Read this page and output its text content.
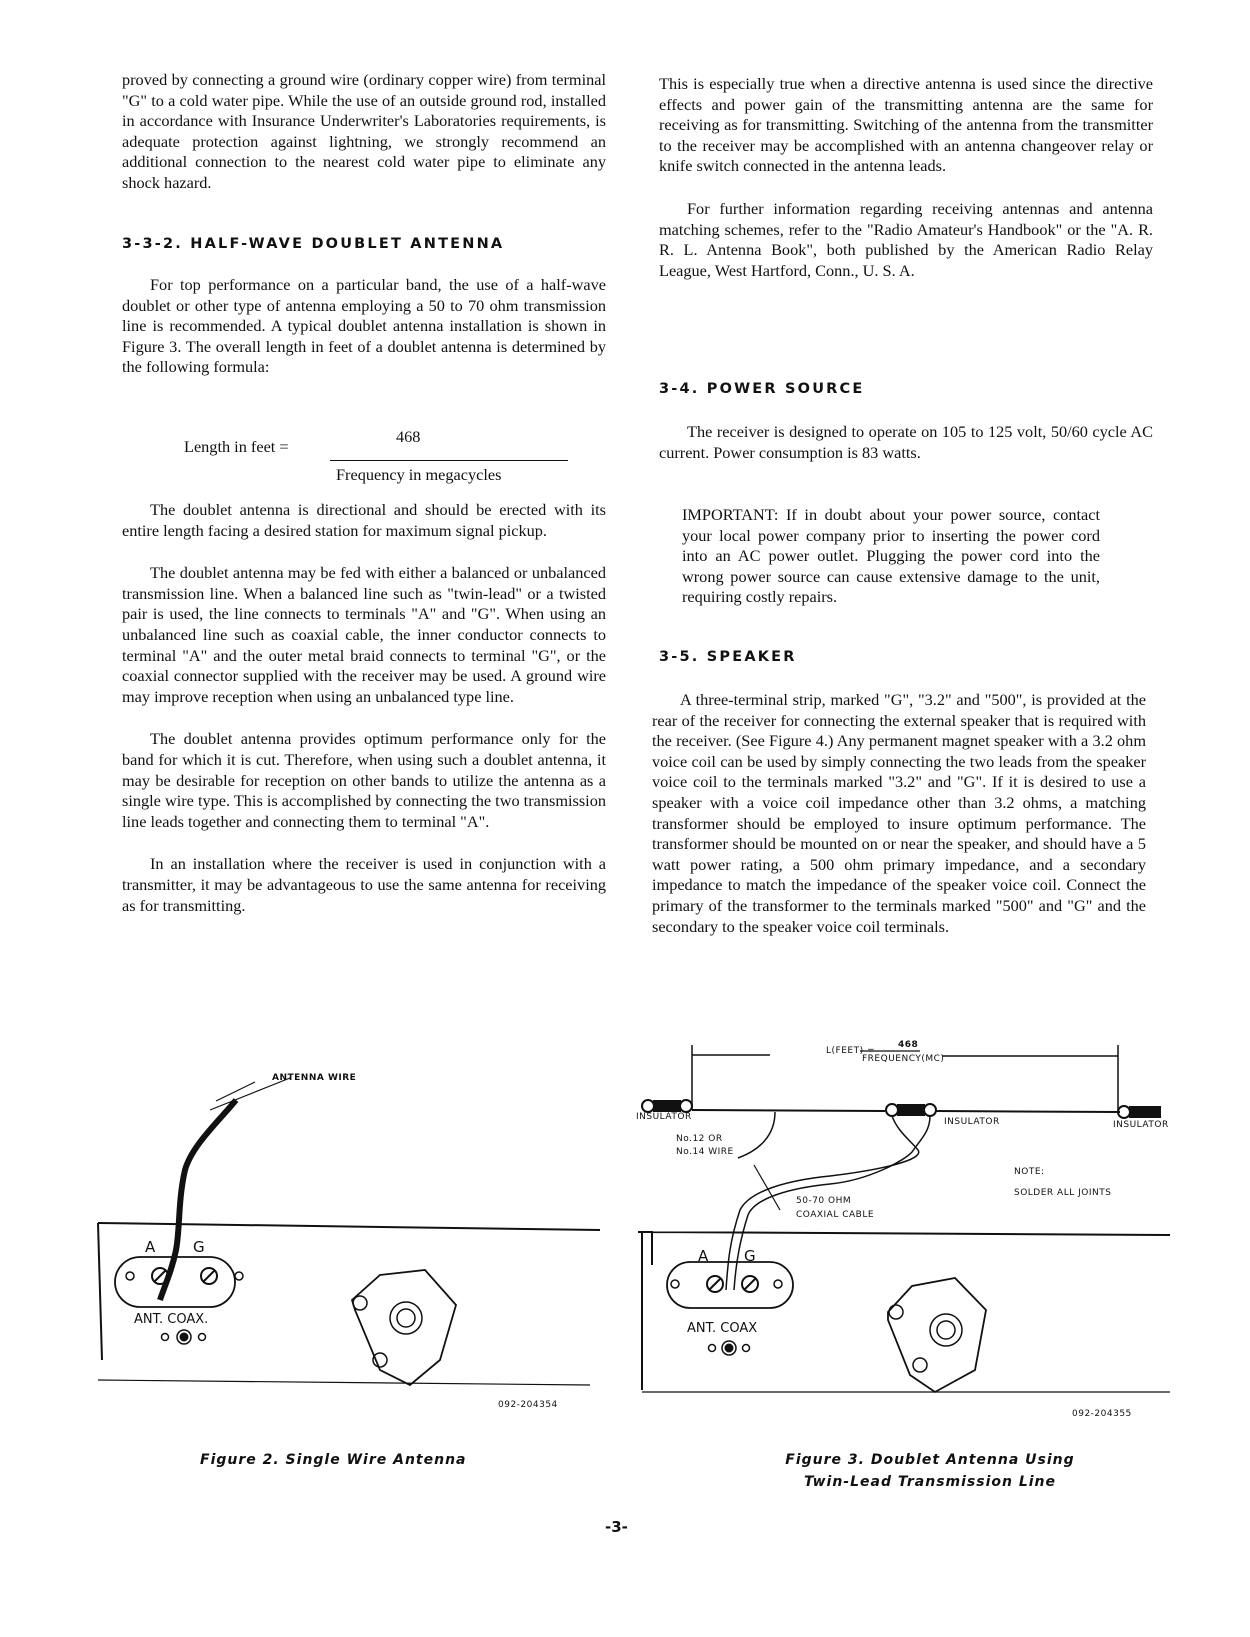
proved by connecting a ground wire (ordinary copper wire) from terminal "G" to a cold water pipe. While the use of an outside ground rod, installed in accordance with Insurance Underwriter's Laboratories requirements, is adequate protection against lightning, we strongly recommend an additional connection to the nearest cold water pipe to eliminate any shock hazard.

3-3-2. HALF-WAVE DOUBLET ANTENNA

For top performance on a particular band, the use of a half-wave doublet or other type of antenna employing a 50 to 70 ohm transmission line is recommended. A typical doublet antenna installation is shown in Figure 3. The overall length in feet of a doublet antenna is determined by the following formula:

Length in feet =
468
Frequency in megacycles

The doublet antenna is directional and should be erected with its entire length facing a desired station for maximum signal pickup.

The doublet antenna may be fed with either a balanced or unbalanced transmission line. When a balanced line such as "twin-lead" or a twisted pair is used, the line connects to terminals "A" and "G". When using an unbalanced line such as coaxial cable, the inner conductor connects to terminal "A" and the outer metal braid connects to terminal "G", or the coaxial connector supplied with the receiver may be used. A ground wire may improve reception when using an unbalanced type line.

The doublet antenna provides optimum performance only for the band for which it is cut. Therefore, when using such a doublet antenna, it may be desirable for reception on other bands to utilize the antenna as a single wire type. This is accomplished by connecting the two transmission line leads together and connecting them to terminal "A".

In an installation where the receiver is used in conjunction with a transmitter, it may be advantageous to use the same antenna for receiving as for transmitting.

This is especially true when a directive antenna is used since the directive effects and power gain of the transmitting antenna are the same for receiving as for transmitting. Switching of the antenna from the transmitter to the receiver may be accomplished with an antenna changeover relay or knife switch connected in the antenna leads.

For further information regarding receiving antennas and antenna matching schemes, refer to the "Radio Amateur's Handbook" or the "A. R. R. L. Antenna Book", both published by the American Radio Relay League, West Hartford, Conn., U. S. A.

3-4. POWER SOURCE

The receiver is designed to operate on 105 to 125 volt, 50/60 cycle AC current. Power consumption is 83 watts.

IMPORTANT: If in doubt about your power source, contact your local power company prior to inserting the power cord into an AC power outlet. Plugging the power cord into the wrong power source can cause extensive damage to the unit, requiring costly repairs.

3-5. SPEAKER

A three-terminal strip, marked "G", "3.2" and "500", is provided at the rear of the receiver for connecting the external speaker that is required with the receiver. (See Figure 4.) Any permanent magnet speaker with a 3.2 ohm voice coil can be used by simply connecting the two leads from the speaker voice coil to the terminals marked "3.2" and "G". If it is desired to use a speaker with a voice coil impedance other than 3.2 ohms, a matching transformer should be employed to insure optimum performance. The transformer should be mounted on or near the speaker, and should have a 5 watt power rating, a 500 ohm primary impedance, and a secondary impedance to match the impedance of the speaker voice coil. Connect the primary of the transformer to the terminals marked "500" and "G" and the secondary to the speaker voice coil terminals.

ANTENNA WIRE
A	G
ANT. COAX.
092-204354
Figure 2. Single Wire Antenna
L(FEET) =
468
FREQUENCY(MC)
INSULATOR	INSULATOR	INSULATOR
No.12 OR
No.14 WIRE
NOTE:
SOLDER ALL JOINTS
50-70 OHM
COAXIAL CABLE
A G
ANT. COAX
092-204355
Figure 3. Doublet Antenna Using
Twin-Lead Transmission Line
-3-
